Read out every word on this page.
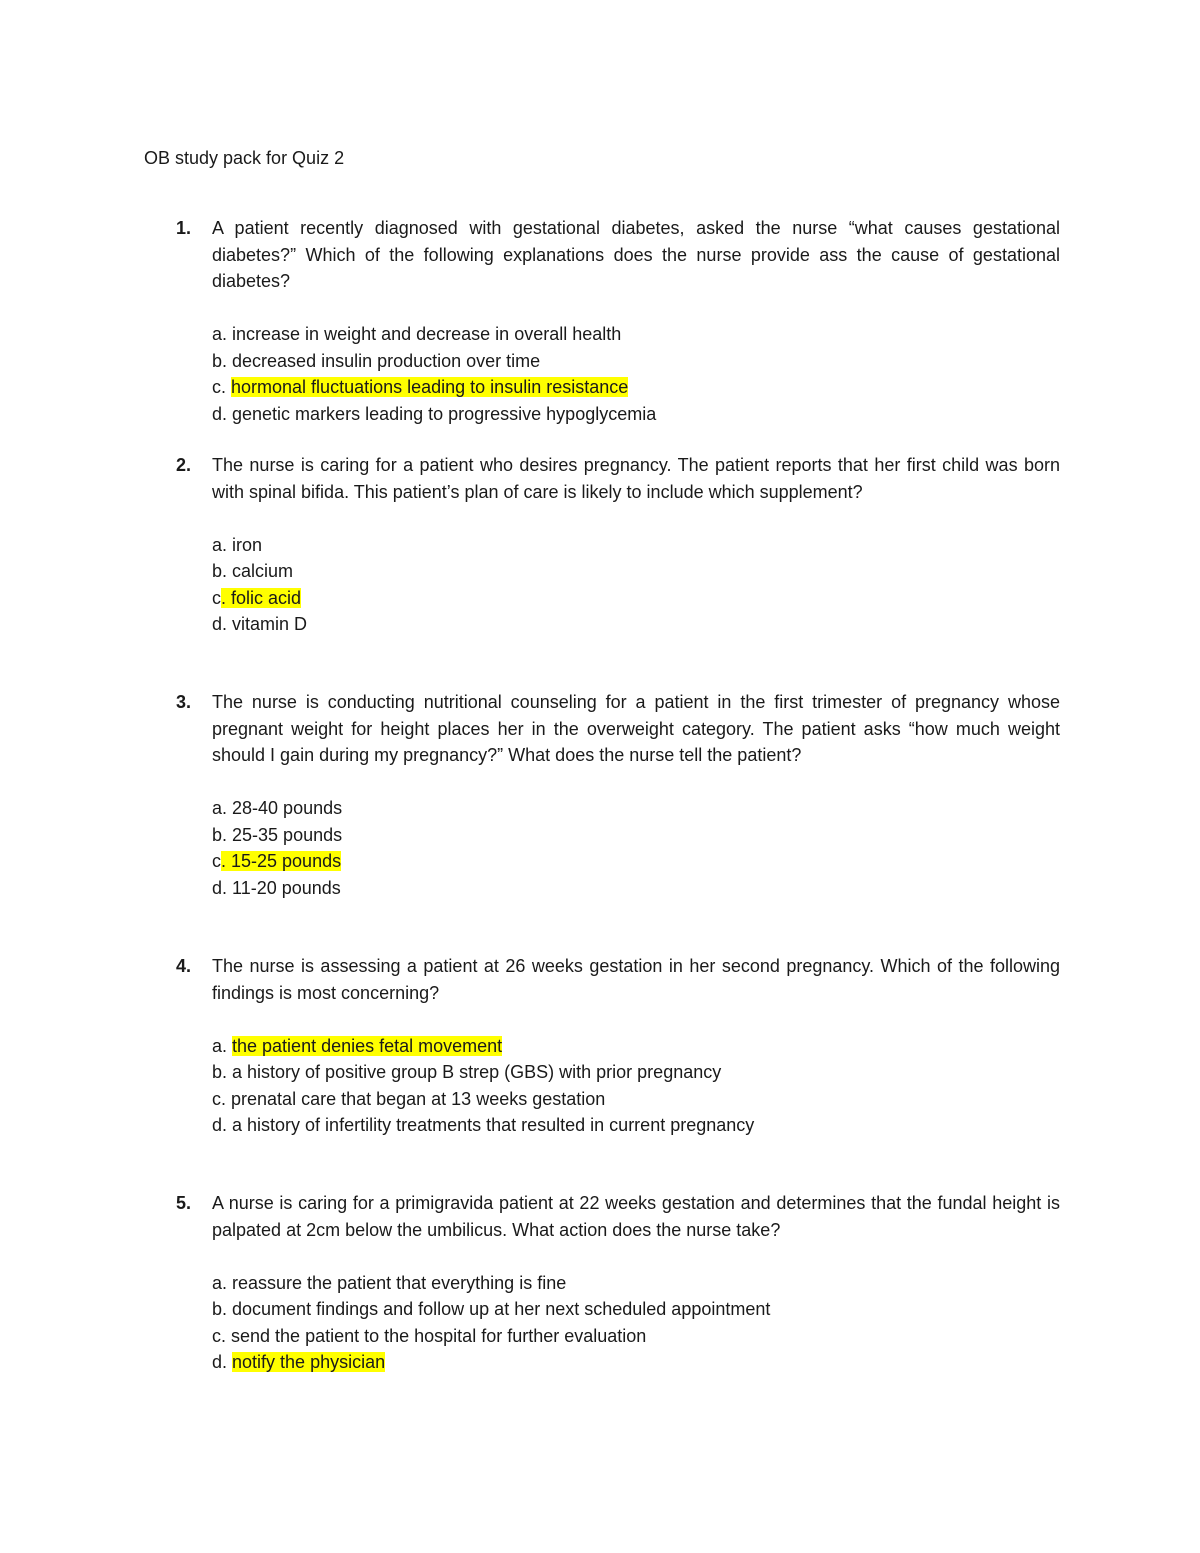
OB study pack for Quiz 2
1. A patient recently diagnosed with gestational diabetes, asked the nurse “what causes gestational diabetes?” Which of the following explanations does the nurse provide ass the cause of gestational diabetes?
a. increase in weight and decrease in overall health
b. decreased insulin production over time
c. hormonal fluctuations leading to insulin resistance
d. genetic markers leading to progressive hypoglycemia
2. The nurse is caring for a patient who desires pregnancy. The patient reports that her first child was born with spinal bifida. This patient’s plan of care is likely to include which supplement?
a. iron
b. calcium
c. folic acid
d. vitamin D
3. The nurse is conducting nutritional counseling for a patient in the first trimester of pregnancy whose pregnant weight for height places her in the overweight category. The patient asks “how much weight should I gain during my pregnancy?” What does the nurse tell the patient?
a. 28-40 pounds
b. 25-35 pounds
c. 15-25 pounds
d. 11-20 pounds
4. The nurse is assessing a patient at 26 weeks gestation in her second pregnancy. Which of the following findings is most concerning?
a. the patient denies fetal movement
b. a history of positive group B strep (GBS) with prior pregnancy
c. prenatal care that began at 13 weeks gestation
d. a history of infertility treatments that resulted in current pregnancy
5. A nurse is caring for a primigravida patient at 22 weeks gestation and determines that the fundal height is palpated at 2cm below the umbilicus. What action does the nurse take?
a. reassure the patient that everything is fine
b. document findings and follow up at her next scheduled appointment
c. send the patient to the hospital for further evaluation
d. notify the physician
